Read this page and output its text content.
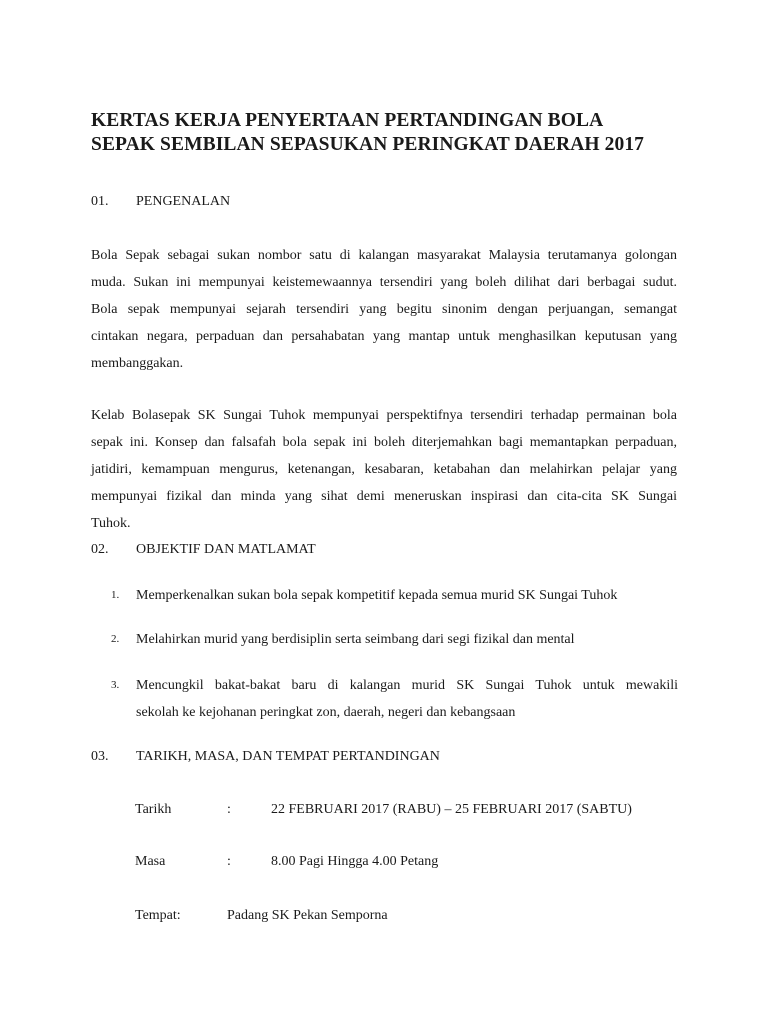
KERTAS KERJA PENYERTAAN PERTANDINGAN BOLA
SEPAK SEMBILAN SEPASUKAN PERINGKAT DAERAH 2017
01. PENGENALAN
Bola Sepak sebagai sukan nombor satu di kalangan masyarakat Malaysia terutamanya golongan
muda. Sukan ini mempunyai keistemewaannya tersendiri yang boleh dilihat dari berbagai sudut.
Bola sepak mempunyai sejarah tersendiri yang begitu sinonim dengan perjuangan, semangat
cintakan negara, perpaduan dan persahabatan yang mantap untuk menghasilkan keputusan yang
membanggakan.
Kelab Bolasepak SK Sungai Tuhok mempunyai perspektifnya tersendiri terhadap permainan bola
sepak ini. Konsep dan falsafah bola sepak ini boleh diterjemahkan bagi memantapkan perpaduan,
jatidiri, kemampuan mengurus, ketenangan, kesabaran, ketabahan dan melahirkan pelajar yang
mempunyai fizikal dan minda yang sihat demi meneruskan inspirasi dan cita-cita SK Sungai
Tuhok.
02. OBJEKTIF DAN MATLAMAT
1. Memperkenalkan sukan bola sepak kompetitif kepada semua murid SK Sungai Tuhok
2. Melahirkan murid yang berdisiplin serta seimbang dari segi fizikal dan mental
3. Mencungkil bakat-bakat baru di kalangan murid SK Sungai Tuhok untuk mewakili
sekolah ke kejohanan peringkat zon, daerah, negeri dan kebangsaan
03. TARIKH, MASA, DAN TEMPAT PERTANDINGAN
Tarikh	:	22 FEBRUARI 2017 (RABU) – 25 FEBRUARI 2017 (SABTU)
Masa	:	8.00 Pagi Hingga 4.00 Petang
Tempat:	Padang SK Pekan Semporna
